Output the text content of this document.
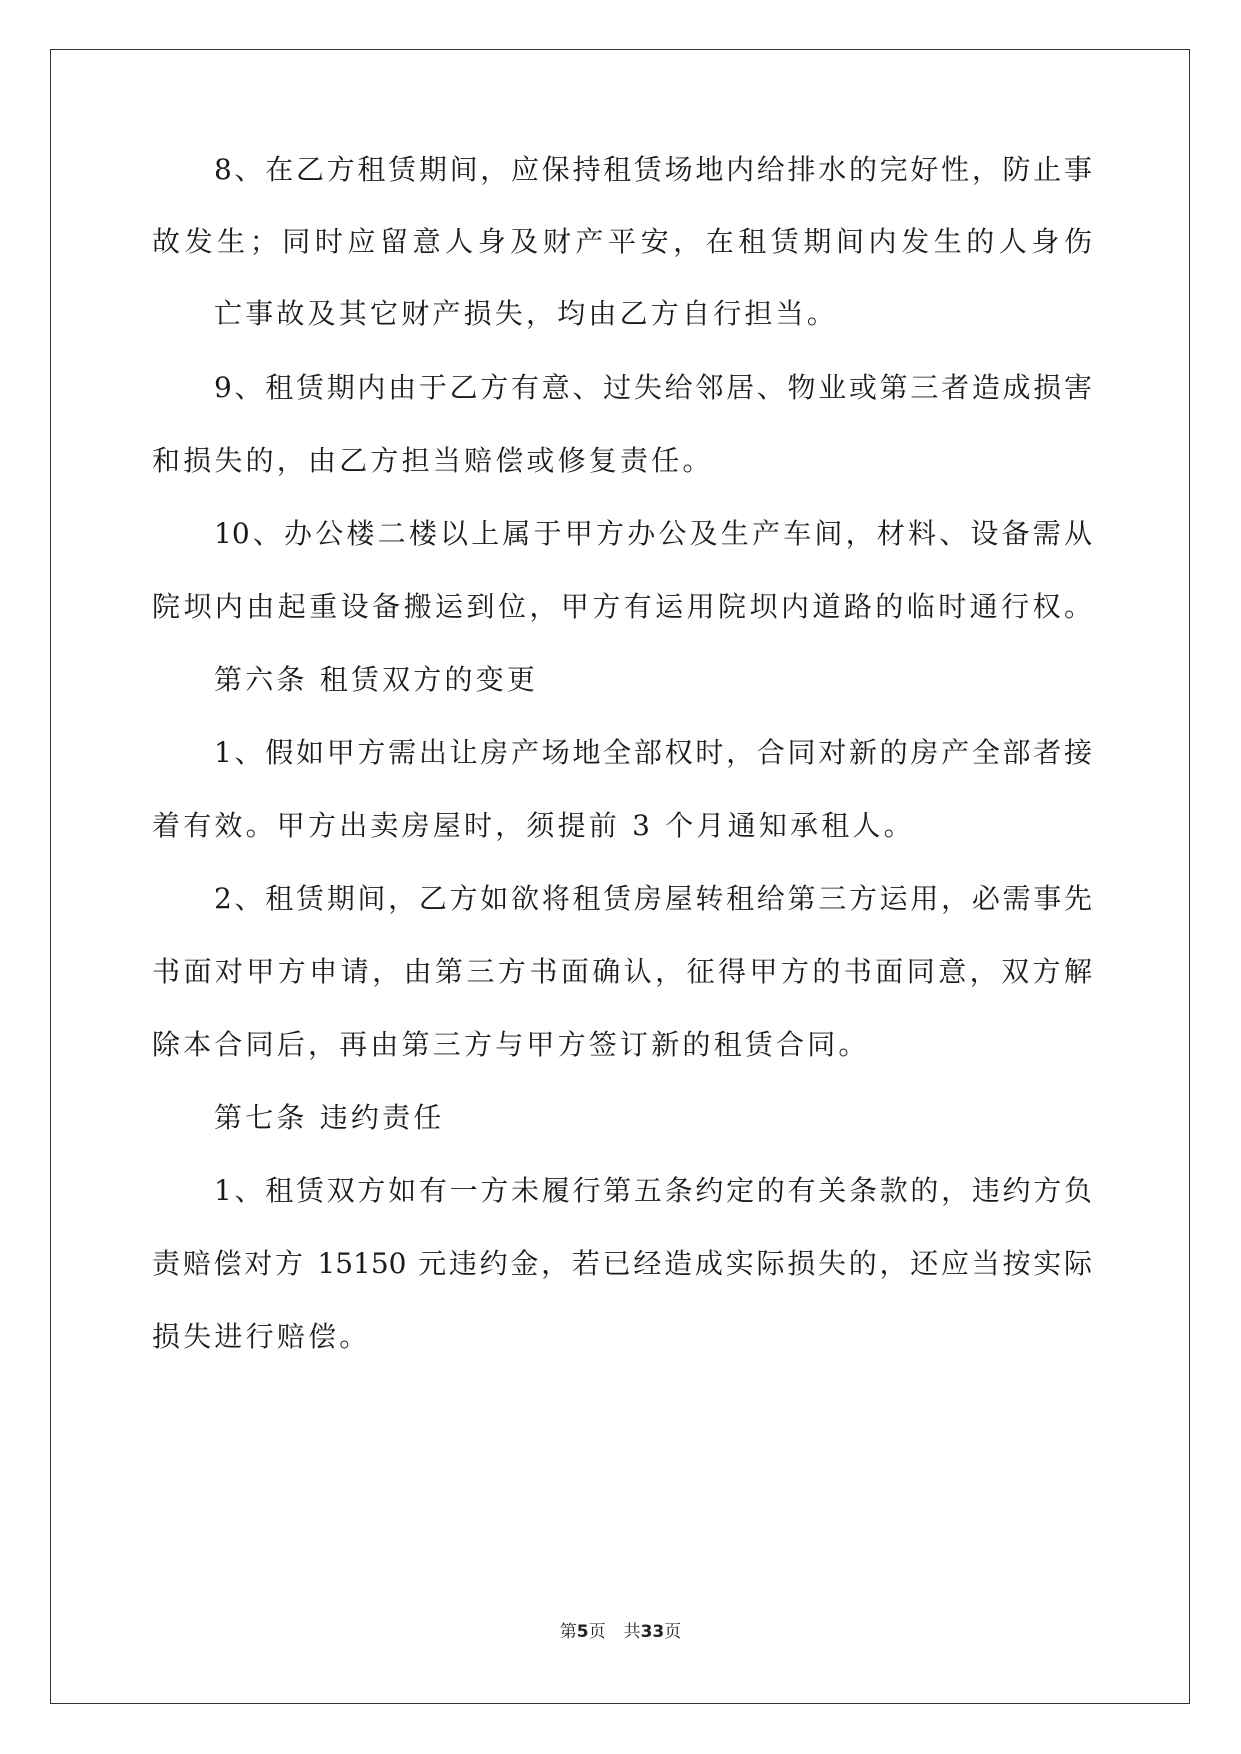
8、在乙方租赁期间，应保持租赁场地内给排水的完好性，防止事
故发生；同时应留意人身及财产平安，在租赁期间内发生的人身伤
亡事故及其它财产损失，均由乙方自行担当。
9、租赁期内由于乙方有意、过失给邻居、物业或第三者造成损害
和损失的，由乙方担当赔偿或修复责任。
10、办公楼二楼以上属于甲方办公及生产车间，材料、设备需从
院坝内由起重设备搬运到位，甲方有运用院坝内道路的临时通行权。
第六条 租赁双方的变更
1、假如甲方需出让房产场地全部权时，合同对新的房产全部者接
着有效。甲方出卖房屋时，须提前 3 个月通知承租人。
2、租赁期间，乙方如欲将租赁房屋转租给第三方运用，必需事先
书面对甲方申请，由第三方书面确认，征得甲方的书面同意，双方解
除本合同后，再由第三方与甲方签订新的租赁合同。
第七条 违约责任
1、租赁双方如有一方未履行第五条约定的有关条款的，违约方负
责赔偿对方 15150 元违约金，若已经造成实际损失的，还应当按实际
损失进行赔偿。
第5页 共33页
